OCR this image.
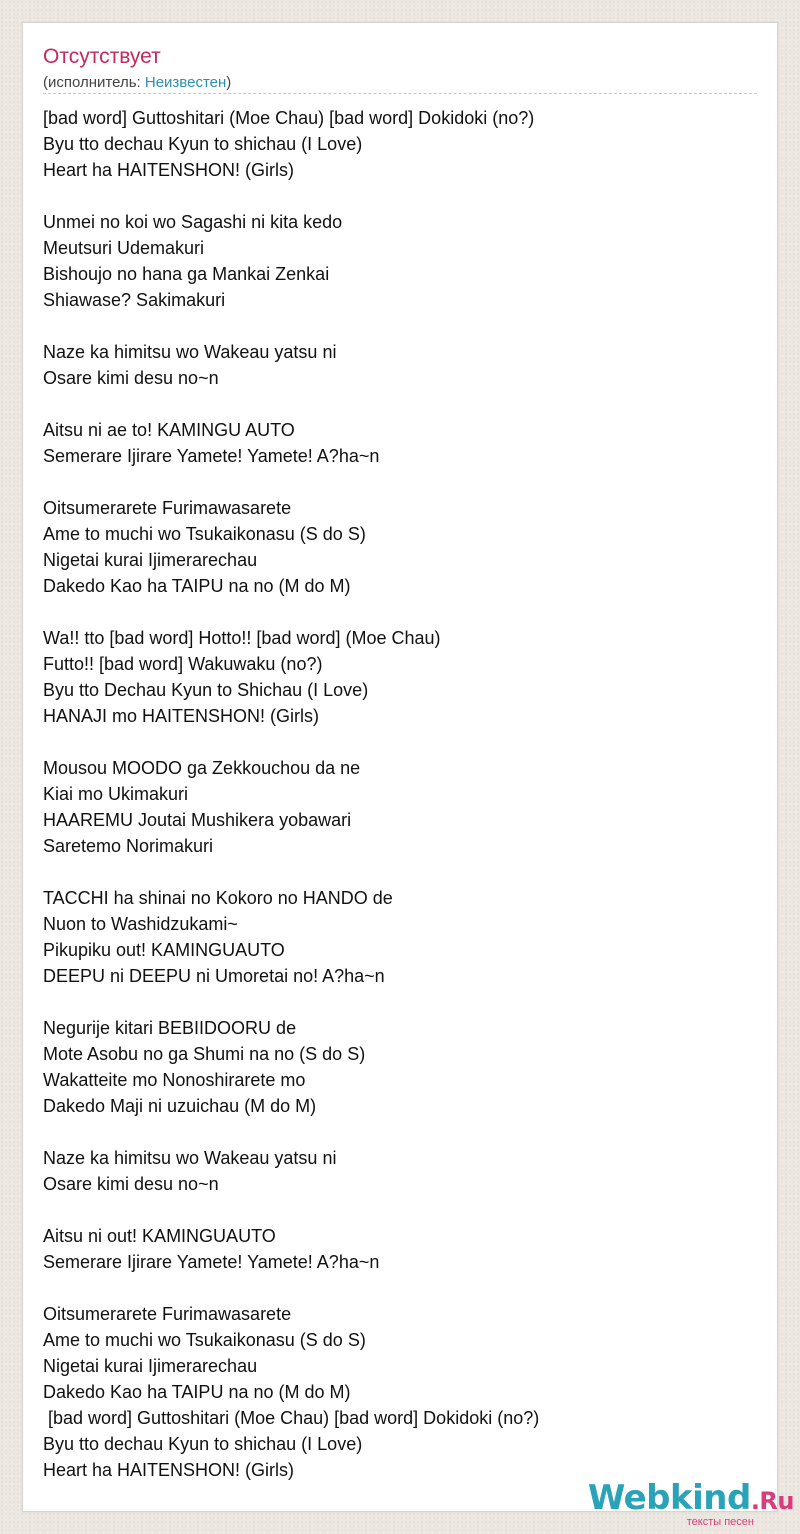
Отсутствует
(исполнитель: Неизвестен)
[bad word] Guttoshitari (Moe Chau) [bad word] Dokidoki (no?)
Byu tto dechau Kyun to shichau (I Love)
Heart ha HAITENSHON! (Girls)
Unmei no koi wo Sagashi ni kita kedo
Meutsuri Udemakuri
Bishoujo no hana ga Mankai Zenkai
Shiawase? Sakimakuri
Naze ka himitsu wo Wakeau yatsu ni
Osare kimi desu no~n
Aitsu ni ae to! KAMINGU AUTO
Semerare Ijirare Yamete! Yamete! A?ha~n
Oitsumerarete Furimawasarete
Ame to muchi wo Tsukaikonasu (S do S)
Nigetai kurai Ijimerarechau
Dakedo Kao ha TAIPU na no (M do M)
Wa!! tto [bad word] Hotto!! [bad word] (Moe Chau)
Futto!! [bad word] Wakuwaku (no?)
Byu tto Dechau Kyun to Shichau (I Love)
HANAJI mo HAITENSHON! (Girls)
Mousou MOODO ga Zekkouchou da ne
Kiai mo Ukimakuri
HAAREMU Joutai Mushikera yobawari
Saretemo Norimakuri
TACCHI ha shinai no Kokoro no HANDO de
Nuon to Washidzukami~
Pikupiku out! KAMINGUAUTO
DEEPU ni DEEPU ni Umoretai no! A?ha~n
Negurije kitari BEBIIDOORU de
Mote Asobu no ga Shumi na no (S do S)
Wakatteite mo Nonoshirarete mo
Dakedo Maji ni uzuichau (M do M)
Naze ka himitsu wo Wakeau yatsu ni
Osare kimi desu no~n
Aitsu ni out! KAMINGUAUTO
Semerare Ijirare Yamete! Yamete! A?ha~n
Oitsumerarete Furimawasarete
Ame to muchi wo Tsukaikonasu (S do S)
Nigetai kurai Ijimerarechau
Dakedo Kao ha TAIPU na no (M do M)
[bad word] Guttoshitari (Moe Chau) [bad word] Dokidoki (no?)
Byu tto dechau Kyun to shichau (I Love)
Heart ha HAITENSHON! (Girls)
Webkind.Ru
тексты песен
